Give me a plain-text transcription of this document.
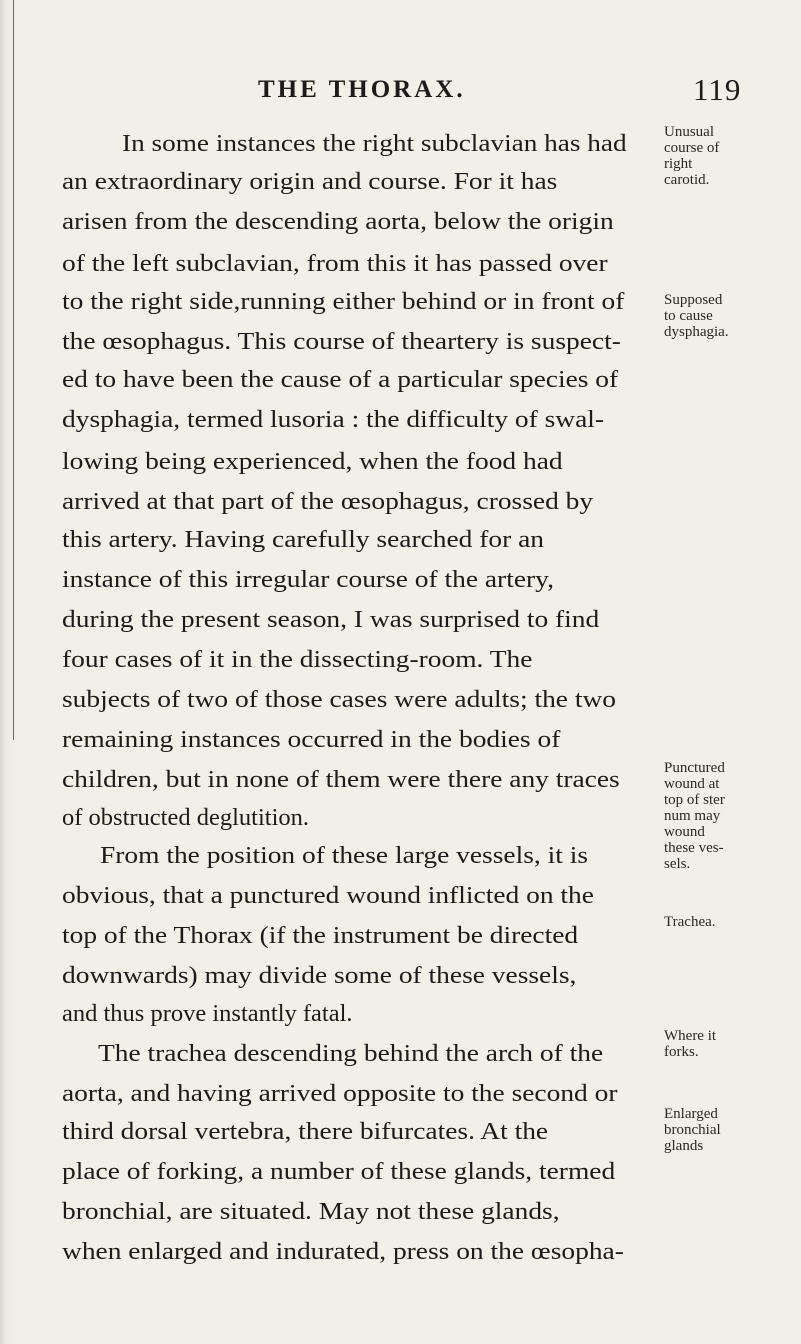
THE THORAX.	119
In some instances the right subclavian has had
an extraordinary origin and course. For it has
arisen from the descending aorta, below the origin
of the left subclavian, from this it has passed over
to the right side,running either behind or in front of
the œsophagus. This course of theartery is suspect-
ed to have been the cause of a particular species of
dysphagia, termed lusoria : the difficulty of swal-
lowing being experienced, when the food had
arrived at that part of the œsophagus, crossed by
this artery. Having carefully searched for an
instance of this irregular course of the artery,
during the present season, I was surprised to find
four cases of it in the dissecting-room. The
subjects of two of those cases were adults; the two
remaining instances occurred in the bodies of
children, but in none of them were there any traces
of obstructed deglutition.
From the position of these large vessels, it is
obvious, that a punctured wound inflicted on the
top of the Thorax (if the instrument be directed
downwards) may divide some of these vessels,
and thus prove instantly fatal.
The trachea descending behind the arch of the
aorta, and having arrived opposite to the second or
third dorsal vertebra, there bifurcates. At the
place of forking, a number of these glands, termed
bronchial, are situated. May not these glands,
when enlarged and indurated, press on the œsopha-
Unusual
course of
right
carotid.
Supposed
to cause
dysphagia.
Punctured
wound at
top of ster
num may
wound
these ves-
sels.
Trachea.
Where it
forks.
Enlarged
bronchial
glands
